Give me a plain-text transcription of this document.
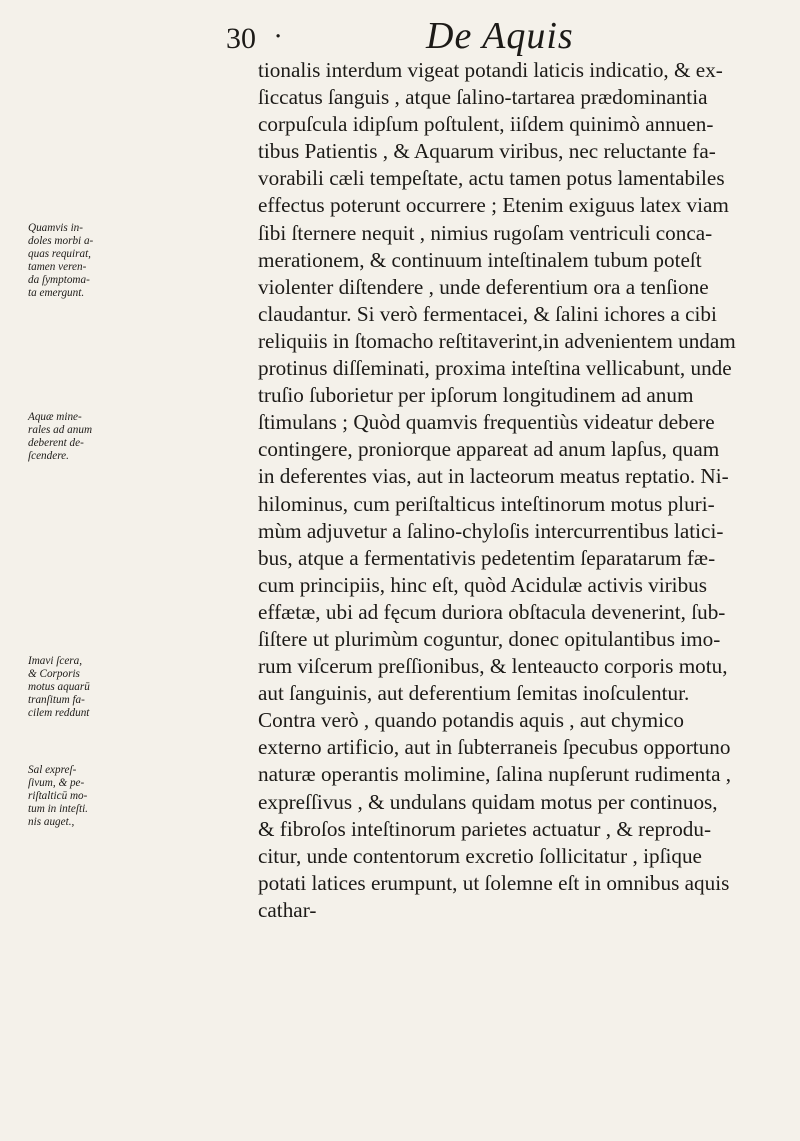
30 ·	De Aquis
tionalis interdum vigeat potandi laticis indicatio, & ex-
ſiccatus ſanguis , atque ſalino-tartarea prædominantia
corpuſcula idipſum poſtulent, iiſdem quinimò annuen-
tibus Patientis , & Aquarum viribus, nec reluctante fa-
vorabili cæli tempeſtate, actu tamen potus lamentabiles
effectus poterunt occurrere ; Etenim exiguus latex viam
ſibi ſternere nequit , nimius rugoſam ventriculi conca-
merationem, & continuum inteſtinalem tubum poteſt
violenter diſtendere , unde deferentium ora a tenſione
claudantur. Si verò fermentacei, & ſalini ichores a cibi
reliquiis in ſtomacho reſtitaverint,in advenientem undam
protinus diſſeminati, proxima inteſtina vellicabunt, unde
truſio ſuborietur per ipſorum longitudinem ad anum
ſtimulans ; Quòd quamvis frequentiùs videatur debere
contingere, proniorque appareat ad anum lapſus, quam
in deferentes vias, aut in lacteorum meatus reptatio. Ni-
hilominus, cum periſtalticus inteſtinorum motus pluri-
mùm adjuvetur a ſalino-chyloſis intercurrentibus latici-
bus, atque a fermentativis pedetentim ſeparatarum fæ-
cum principiis, hinc eſt, quòd Acidulæ activis viribus
effætæ, ubi ad fęcum duriora obſtacula devenerint, ſub-
ſiſtere ut plurimùm coguntur, donec opitulantibus imo-
rum viſcerum preſſionibus, & lenteaucto corporis motu,
aut ſanguinis, aut deferentium ſemitas inoſculentur.
Contra verò , quando potandis aquis , aut chymico
externo artificio, aut in ſubterraneis ſpecubus opportuno
naturæ operantis molimine, ſalina nupſerunt rudimenta ,
expreſſivus , & undulans quidam motus per continuos,
& fibroſos inteſtinorum parietes actuatur , & reprodu-
citur, unde contentorum excretio ſollicitatur , ipſique
potati latices erumpunt, ut ſolemne eſt in omnibus aquis
cathar-
Quamvis in-
doles morbi a-
quas requirat,
tamen veren-
da ſymptoma-
ta emergunt.
Aquæ mine-
rales ad anum
deberent de-
ſcendere.
Imavi ſcera,
& Corporis
motus aquarū
tranſitum fa-
cilem reddunt
Sal expreſ-
ſivum, & pe-
riſtalticū mo-
tum in inteſti.
nis auget.,
